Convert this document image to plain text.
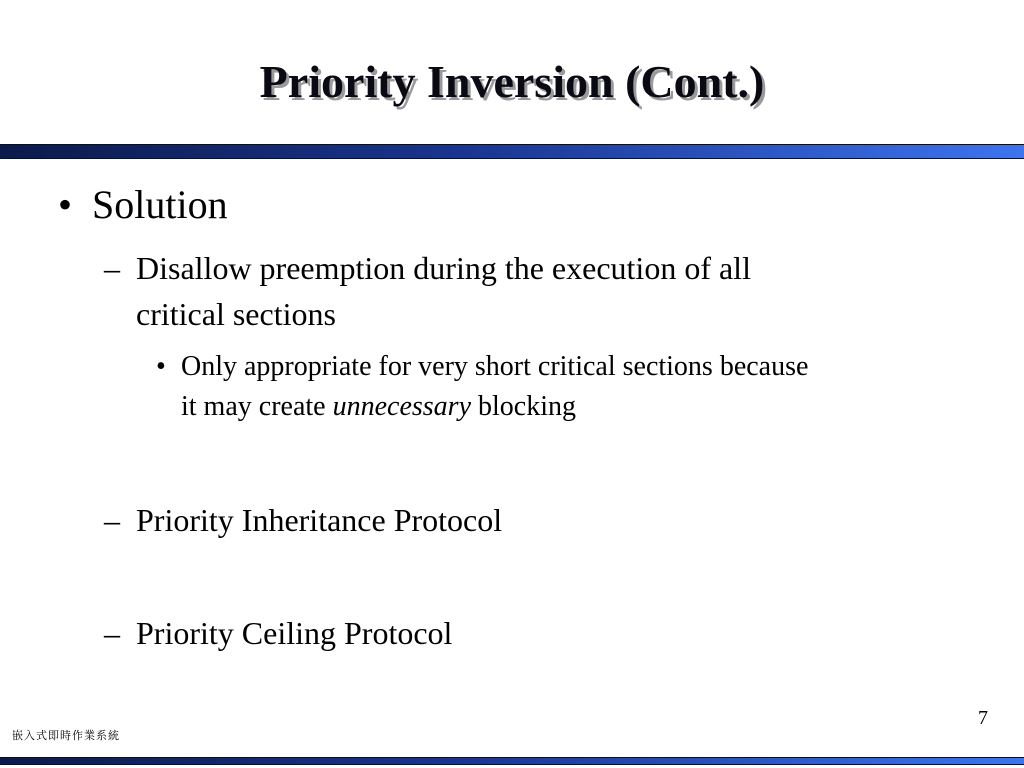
Priority Inversion (Cont.)
• Solution
– Disallow preemption during the execution of all
critical sections
• Only appropriate for very short critical sections because
it may create unnecessary blocking
– Priority Inheritance Protocol
– Priority Ceiling Protocol
7
嵌入式即時作業系統
